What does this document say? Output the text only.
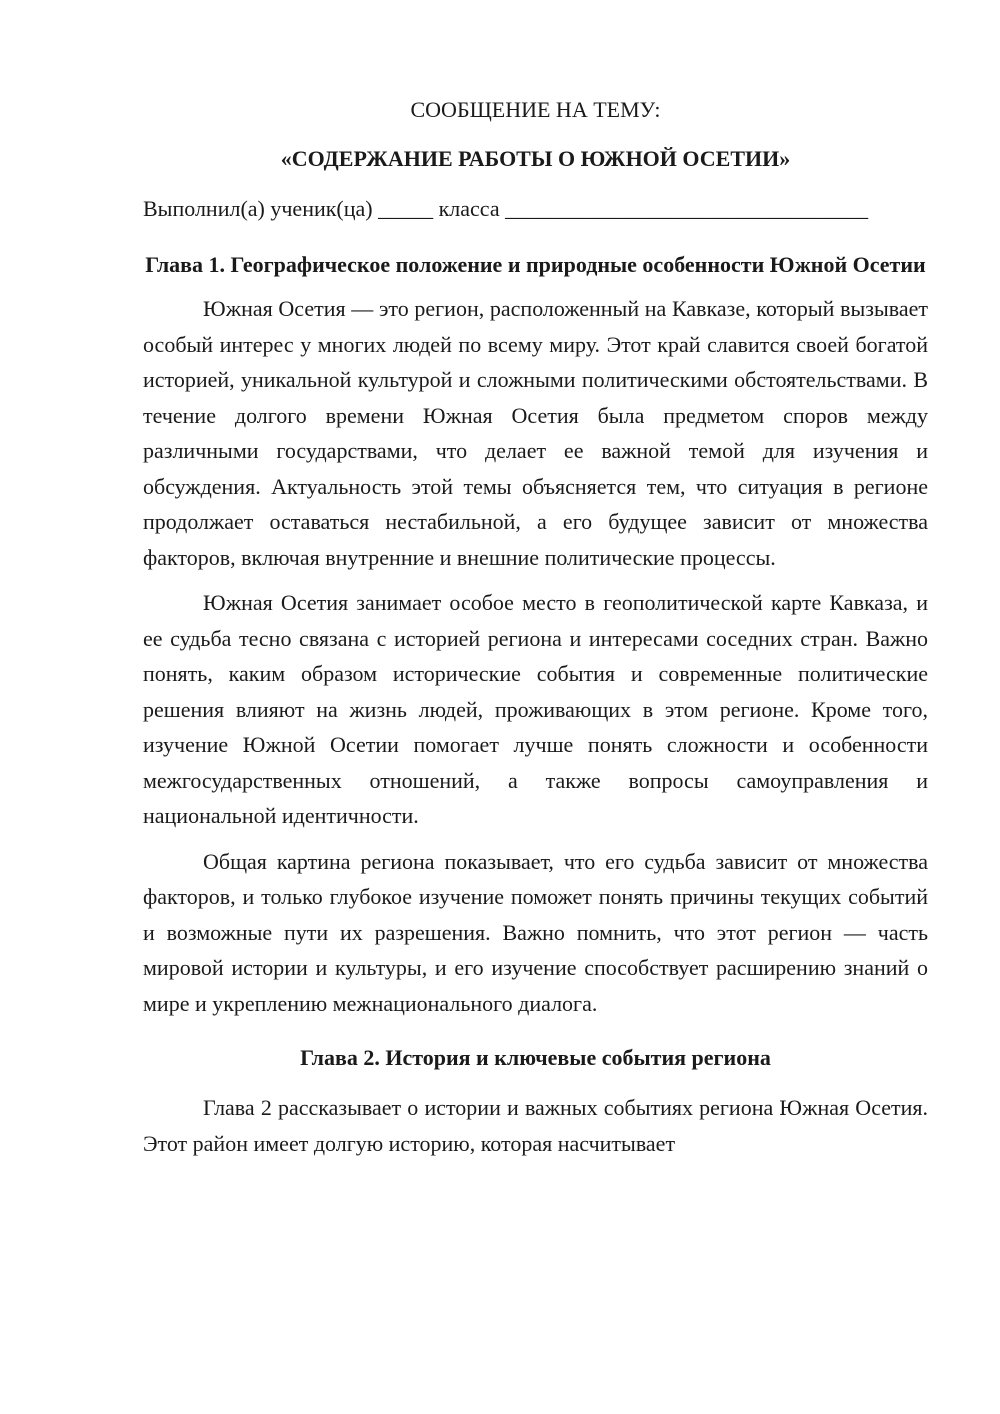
СООБЩЕНИЕ НА ТЕМУ:

«СОДЕРЖАНИЕ РАБОТЫ О ЮЖНОЙ ОСЕТИИ»

Выполнил(а) ученик(ца) _____ класса _________________________________

Глава 1. Географическое положение и природные особенности Южной Осетии

Южная Осетия — это регион, расположенный на Кавказе, который вызывает особый интерес у многих людей по всему миру. Этот край славится своей богатой историей, уникальной культурой и сложными политическими обстоятельствами. В течение долгого времени Южная Осетия была предметом споров между различными государствами, что делает ее важной темой для изучения и обсуждения. Актуальность этой темы объясняется тем, что ситуация в регионе продолжает оставаться нестабильной, а его будущее зависит от множества факторов, включая внутренние и внешние политические процессы.

Южная Осетия занимает особое место в геополитической карте Кавказа, и ее судьба тесно связана с историей региона и интересами соседних стран. Важно понять, каким образом исторические события и современные политические решения влияют на жизнь людей, проживающих в этом регионе. Кроме того, изучение Южной Осетии помогает лучше понять сложности и особенности межгосударственных отношений, а также вопросы самоуправления и национальной идентичности.

Общая картина региона показывает, что его судьба зависит от множества факторов, и только глубокое изучение поможет понять причины текущих событий и возможные пути их разрешения. Важно помнить, что этот регион — часть мировой истории и культуры, и его изучение способствует расширению знаний о мире и укреплению межнационального диалога.

Глава 2. История и ключевые события региона

Глава 2 рассказывает о истории и важных событиях региона Южная Осетия. Этот район имеет долгую историю, которая насчитывает
